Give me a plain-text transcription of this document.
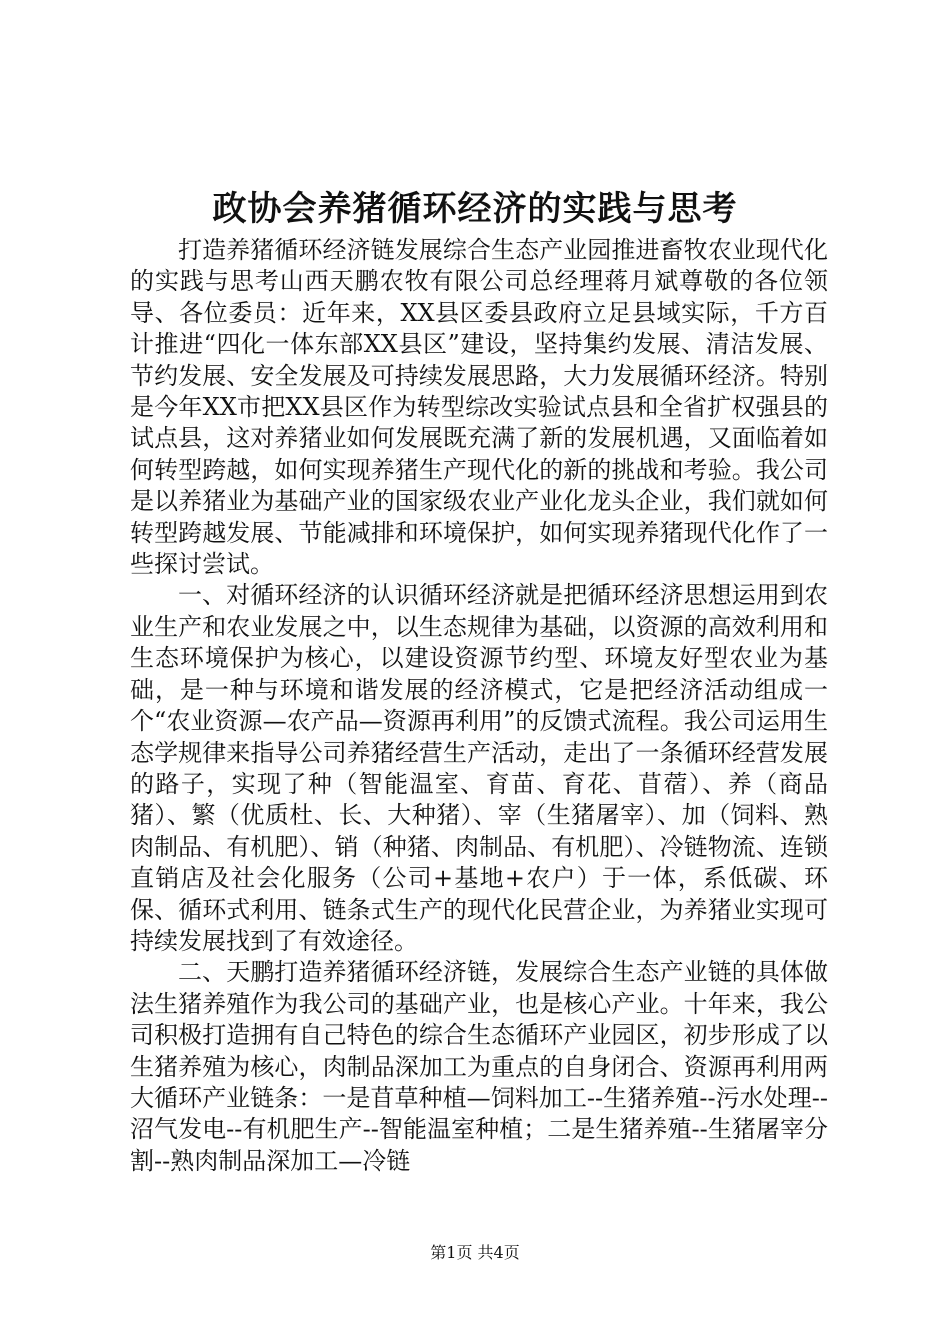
政协会养猪循环经济的实践与思考

打造养猪循环经济链发展综合生态产业园推进畜牧农业现代化的实践与思考山西天鹏农牧有限公司总经理蒋月斌尊敬的各位领导、各位委员：近年来，XX县区委县政府立足县域实际，千方百计推进“四化一体东部XX县区”建设，坚持集约发展、清洁发展、节约发展、安全发展及可持续发展思路，大力发展循环经济。特别是今年XX市把XX县区作为转型综改实验试点县和全省扩权强县的试点县，这对养猪业如何发展既充满了新的发展机遇，又面临着如何转型跨越，如何实现养猪生产现代化的新的挑战和考验。我公司是以养猪业为基础产业的国家级农业产业化龙头企业，我们就如何转型跨越发展、节能减排和环境保护，如何实现养猪现代化作了一些探讨尝试。

一、对循环经济的认识循环经济就是把循环经济思想运用到农业生产和农业发展之中，以生态规律为基础，以资源的高效利用和生态环境保护为核心，以建设资源节约型、环境友好型农业为基础，是一种与环境和谐发展的经济模式，它是把经济活动组成一个“农业资源—农产品—资源再利用”的反馈式流程。我公司运用生态学规律来指导公司养猪经营生产活动，走出了一条循环经营发展的路子，实现了种（智能温室、育苗、育花、苜蓿）、养（商品猪）、繁（优质杜、长、大种猪）、宰（生猪屠宰）、加（饲料、熟肉制品、有机肥）、销（种猪、肉制品、有机肥）、冷链物流、连锁直销店及社会化服务（公司+基地+农户）于一体，系低碳、环保、循环式利用、链条式生产的现代化民营企业，为养猪业实现可持续发展找到了有效途径。

二、天鹏打造养猪循环经济链，发展综合生态产业链的具体做法生猪养殖作为我公司的基础产业，也是核心产业。十年来，我公司积极打造拥有自己特色的综合生态循环产业园区，初步形成了以生猪养殖为核心，肉制品深加工为重点的自身闭合、资源再利用两大循环产业链条：一是苜草种植—饲料加工--生猪养殖--污水处理--沼气发电--有机肥生产--智能温室种植；二是生猪养殖--生猪屠宰分割--熟肉制品深加工—冷链

第1页 共4页
